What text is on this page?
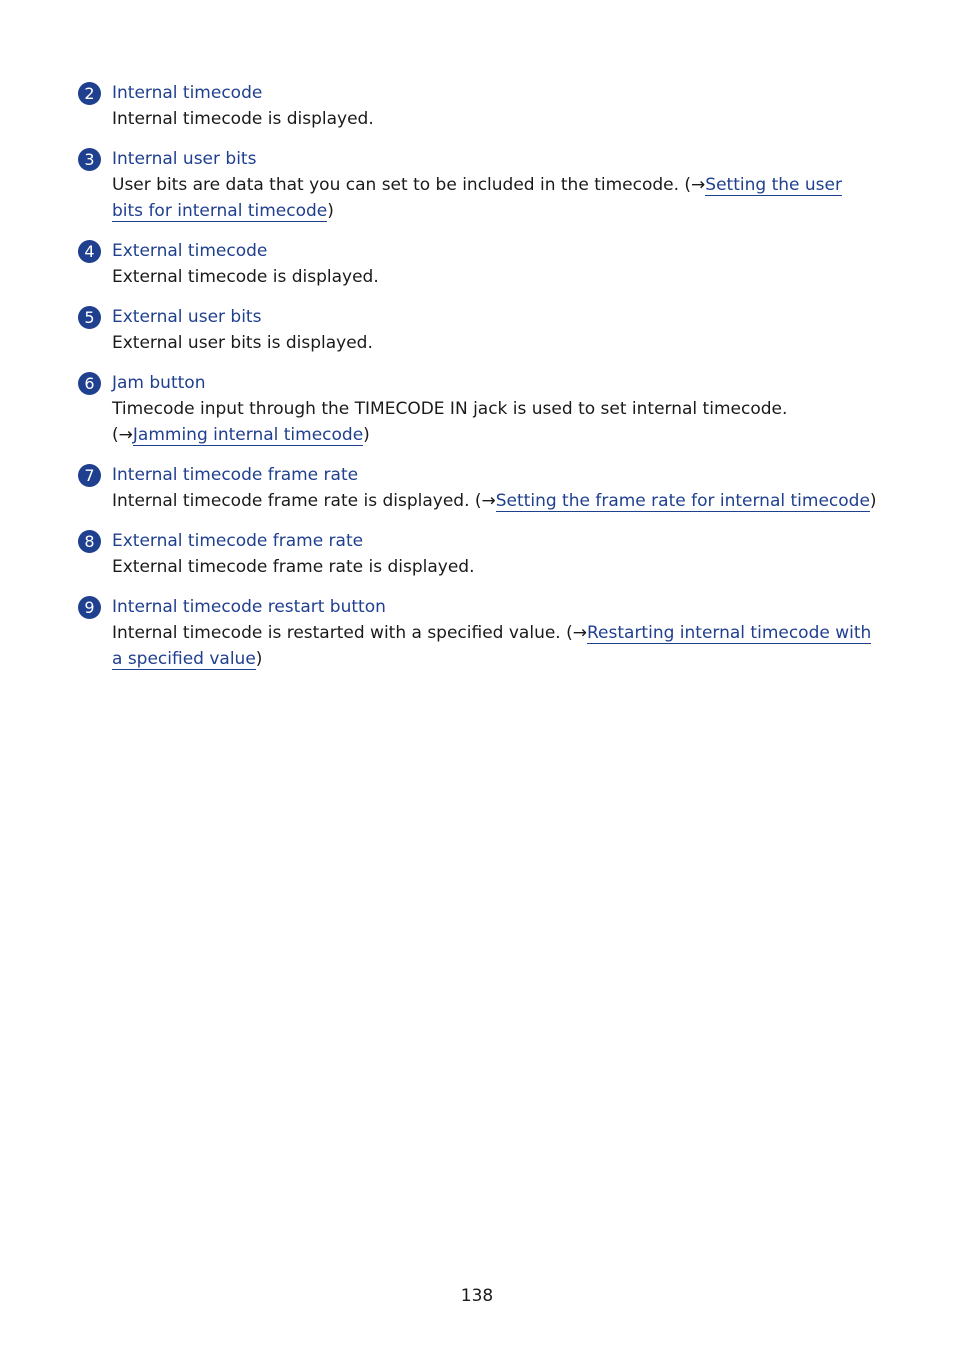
2	Internal timecode
Internal timecode is displayed.
3	Internal user bits
User bits are data that you can set to be included in the timecode. (→Setting the user bits for internal timecode)
4	External timecode
External timecode is displayed.
5	External user bits
External user bits is displayed.
6	Jam button
Timecode input through the TIMECODE IN jack is used to set internal timecode. (→Jamming internal timecode)
7	Internal timecode frame rate
Internal timecode frame rate is displayed. (→Setting the frame rate for internal timecode)
8	External timecode frame rate
External timecode frame rate is displayed.
9	Internal timecode restart button
Internal timecode is restarted with a specified value. (→Restarting internal timecode with a specified value)
138
